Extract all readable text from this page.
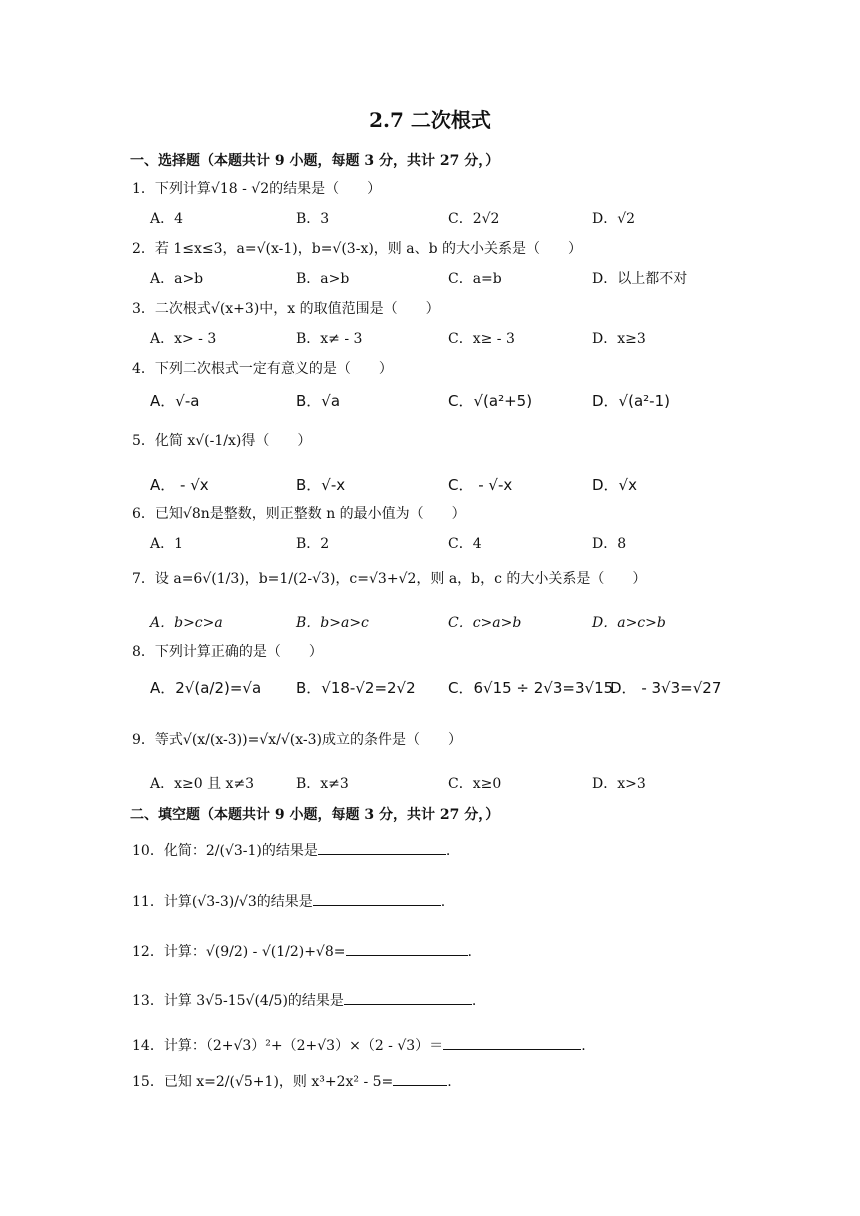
2.7 二次根式
一、选择题（本题共计 9 小题，每题 3 分，共计 27 分，）
1．下列计算√18 - √2的结果是（　　）
A．4	B．3	C．2√2	D．√2
2．若 1≤x≤3，a=√(x-1)，b=√(3-x)，则 a、b 的大小关系是（　　）
A．a>b	B．a>b	C．a=b	D．以上都不对
3．二次根式√(x+3)中，x 的取值范围是（　　）
A．x> - 3	B．x≠ - 3	C．x≥ - 3	D．x≥3
4．下列二次根式一定有意义的是（　　）
A．√-a	B．√a	C．√(a²+5)	D．√(a²-1)
5．化简 x√(-1/x)得（　　）
A． - √x	B．√-x	C． - √-x	D．√x
6．已知√8n是整数，则正整数 n 的最小值为（　　）
A．1	B．2	C．4	D．8
7．设 a=6√(1/3)，b=1/(2-√3)，c=√3+√2，则 a，b，c 的大小关系是（　　）
A．b>c>a	B．b>a>c	C．c>a>b	D．a>c>b
8．下列计算正确的是（　　）
A．2√(a/2)=√a B．√18-√2=2√2 C．6√15 ÷ 2√3=3√15
D． - 3√3=√27
9．等式√(x/(x-3))=√x/√(x-3)成立的条件是（　　）
A．x≥0 且 x≠3	B．x≠3	C．x≥0	D．x>3
二、填空题（本题共计 9 小题，每题 3 分，共计 27 分，）
10．化简：2/(√3-1)的结果是	.
11．计算(√3-3)/√3的结果是	.
12．计算：√(9/2) - √(1/2)+√8=	.
13．计算 3√5-15√(4/5)的结果是	.
14．计算：（2+√3）²+（2+√3）×（2 - √3）＝	.
15．已知 x=2/(√5+1)，则 x³+2x² - 5=	.
